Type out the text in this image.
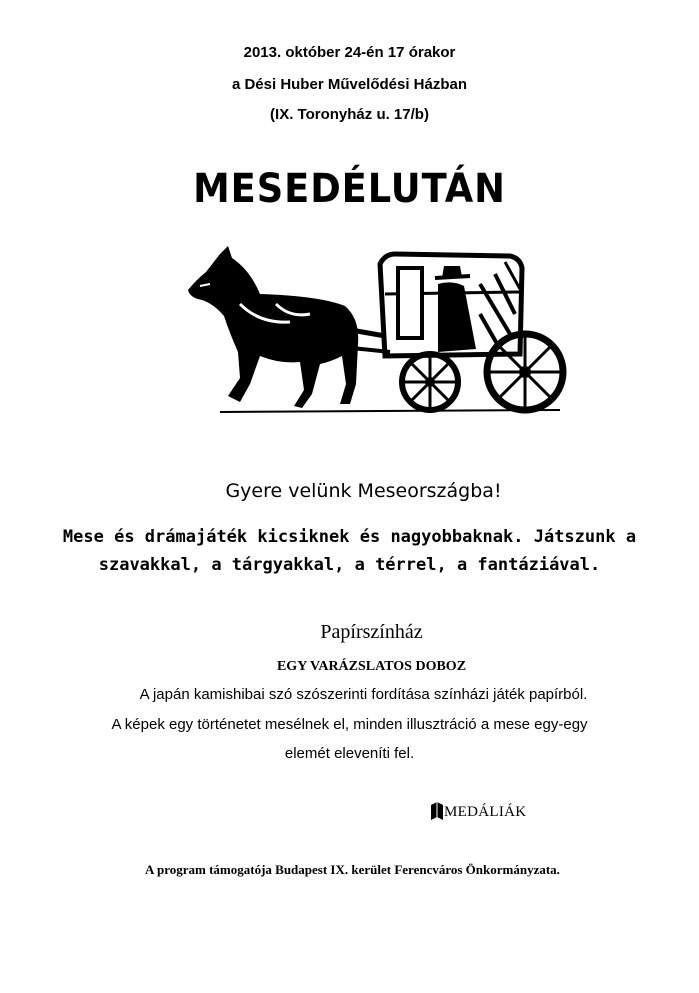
2013. október 24-én 17 órakor
a Dési Huber Művelődési Házban
(IX. Toronyház u. 17/b)
MESEDÉLUTÁN
Gyere velünk Meseországba!
Mese és drámajáték kicsiknek és nagyobbaknak. Játszunk a
szavakkal, a tárgyakkal, a térrel, a fantáziával.
Papírszínház
EGY VARÁZSLATOS DOBOZ
A japán kamishibai szó szószerinti fordítása színházi játék papírból.
A képek egy történetet mesélnek el, minden illusztráció a mese egy-egy
elemét eleveníti fel.
MEDÁLIÁK
A program támogatója Budapest IX. kerület Ferencváros Önkormányzata.
